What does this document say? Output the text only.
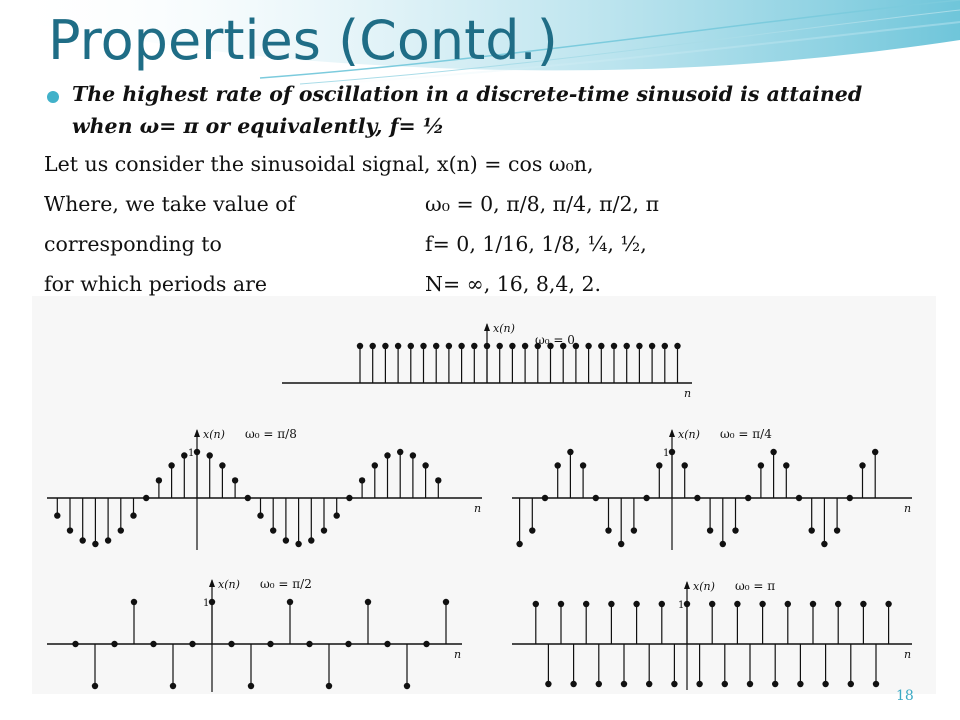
Properties (Contd.)

The highest rate of oscillation in a discrete-time sinusoid is attained
when ω= π or equivalently, f= ½

Let us consider the sinusoidal signal, x(n) = cos ω₀n,

Where, we take value of	ω₀ = 0, π/8, π/4, π/2, π

corresponding to	f= 0, 1/16, 1/8, ¼, ½,

for which periods are	N= ∞, 16, 8,4, 2.

x(n)
ω₀ = 0
n
x(n) ω₀ = π/8
n
1
x(n) ω₀ = π/4
n
1
x(n) ω₀ = π/2
n
1
x(n) ω₀ = π
n
1
18
